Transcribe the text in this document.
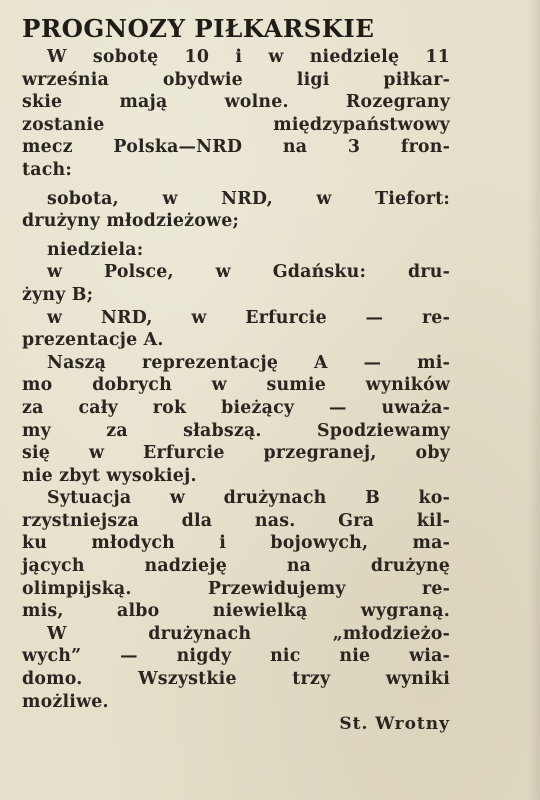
PROGNOZY PIŁKARSKIE
W sobotę 10 i w niedzielę 11
września obydwie ligi piłkar-
skie mają wolne. Rozegrany
zostanie międzypaństwowy
mecz Polska—NRD na 3 fron-
tach:
sobota, w NRD, w Tiefort:
drużyny młodzieżowe;
niedziela:
w Polsce, w Gdańsku: dru-
żyny B;
w NRD, w Erfurcie — re-
prezentacje A.
Naszą reprezentację A — mi-
mo dobrych w sumie wyników
za cały rok bieżący — uważa-
my za słabszą. Spodziewamy
się w Erfurcie przegranej, oby
nie zbyt wysokiej.
Sytuacja w drużynach B ko-
rzystniejsza dla nas. Gra kil-
ku młodych i bojowych, ma-
jących nadzieję na drużynę
olimpijską. Przewidujemy re-
mis, albo niewielką wygraną.
W drużynach „młodzieżo-
wych” — nigdy nic nie wia-
domo. Wszystkie trzy wyniki
możliwe.
St. Wrotny
